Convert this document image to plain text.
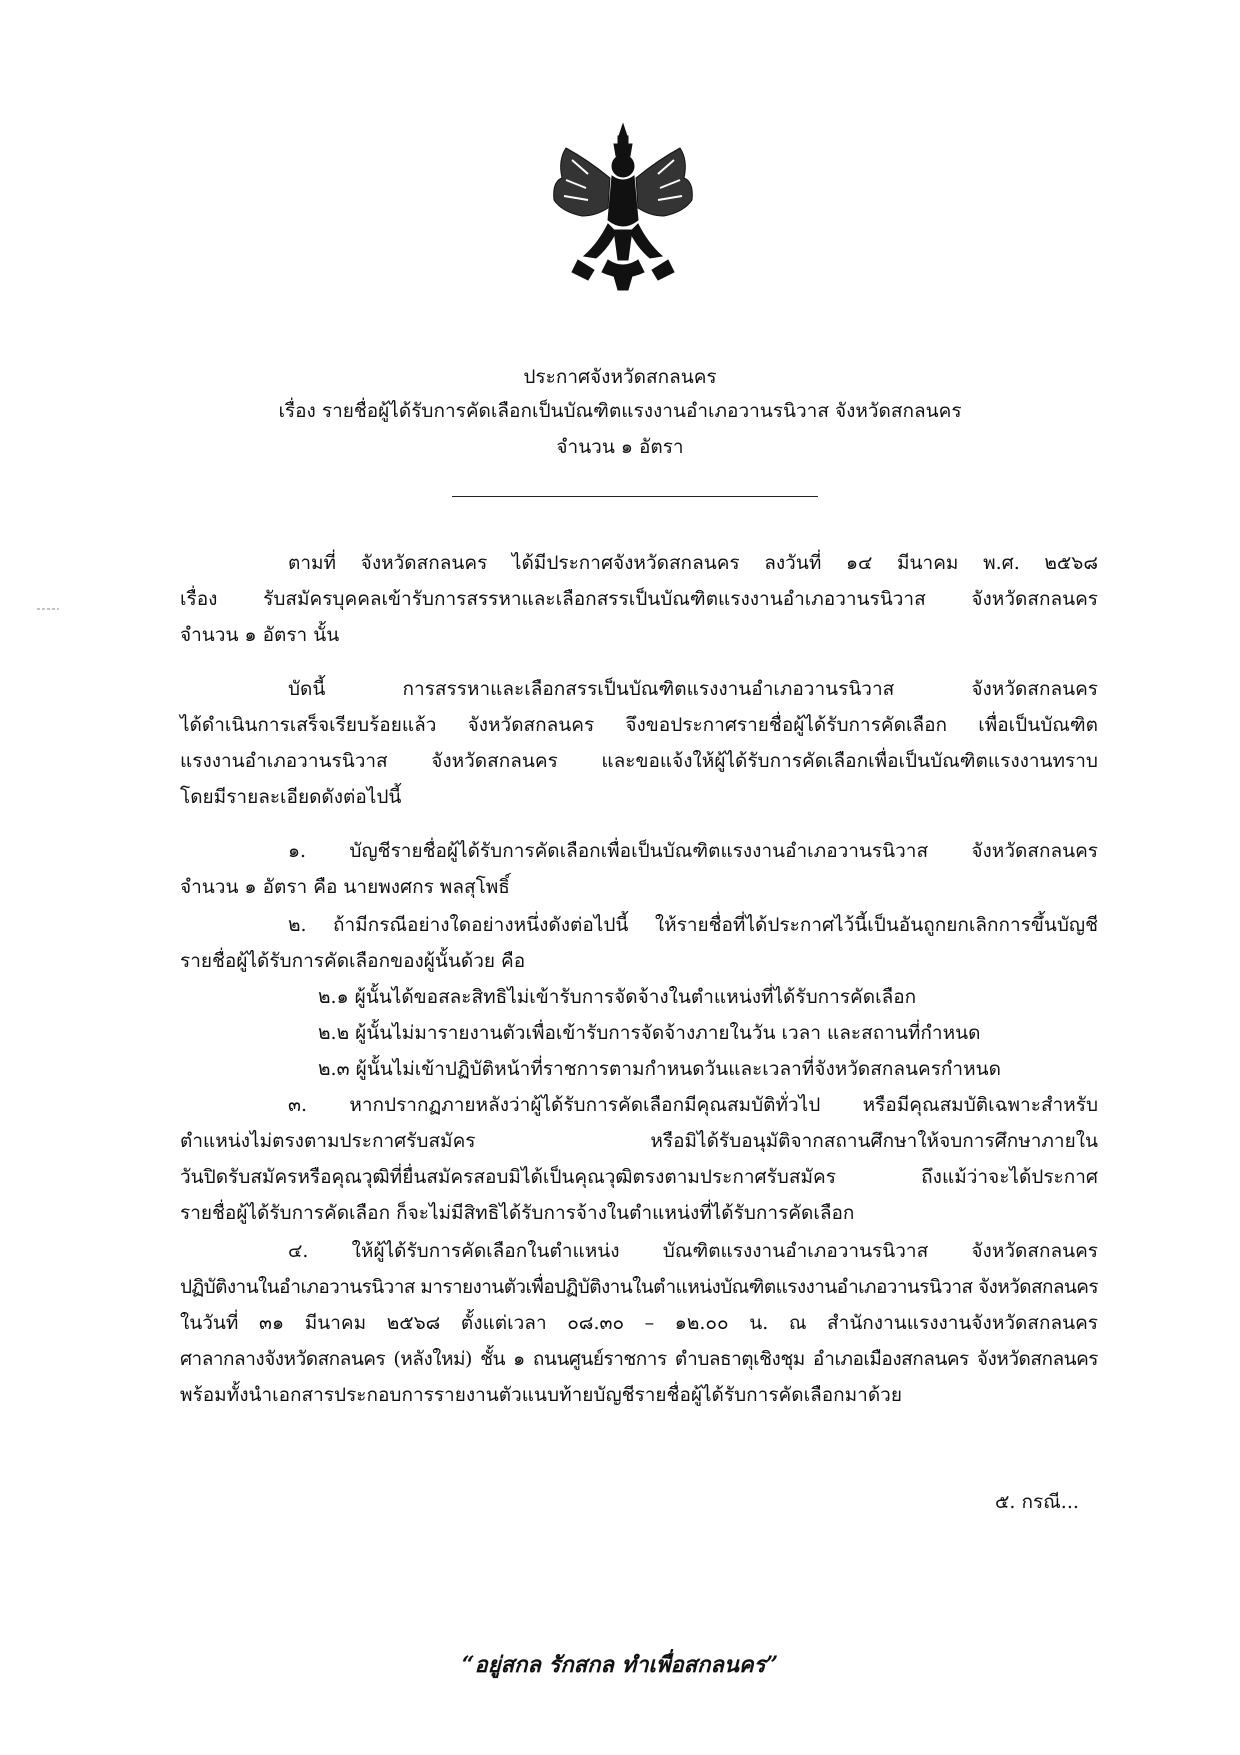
ประกาศจังหวัดสกลนคร
เรื่อง รายชื่อผู้ได้รับการคัดเลือกเป็นบัณฑิตแรงงานอำเภอวานรนิวาส จังหวัดสกลนคร
จำนวน ๑ อัตรา
ตามที่ จังหวัดสกลนคร ได้มีประกาศจังหวัดสกลนคร ลงวันที่ ๑๔ มีนาคม พ.ศ. ๒๕๖๘
เรื่อง รับสมัครบุคคลเข้ารับการสรรหาและเลือกสรรเป็นบัณฑิตแรงงานอำเภอวานรนิวาส จังหวัดสกลนคร
จำนวน ๑ อัตรา นั้น
บัดนี้ การสรรหาและเลือกสรรเป็นบัณฑิตแรงงานอำเภอวานรนิวาส จังหวัดสกลนคร
ได้ดำเนินการเสร็จเรียบร้อยแล้ว จังหวัดสกลนคร จึงขอประกาศรายชื่อผู้ได้รับการคัดเลือก เพื่อเป็นบัณฑิต
แรงงานอำเภอวานรนิวาส จังหวัดสกลนคร และขอแจ้งให้ผู้ได้รับการคัดเลือกเพื่อเป็นบัณฑิตแรงงานทราบ
โดยมีรายละเอียดดังต่อไปนี้
๑. บัญชีรายชื่อผู้ได้รับการคัดเลือกเพื่อเป็นบัณฑิตแรงงานอำเภอวานรนิวาส จังหวัดสกลนคร
จำนวน ๑ อัตรา คือ นายพงศกร พลสุโพธิ์
๒. ถ้ามีกรณีอย่างใดอย่างหนึ่งดังต่อไปนี้ ให้รายชื่อที่ได้ประกาศไว้นี้เป็นอันถูกยกเลิกการขึ้นบัญชี
รายชื่อผู้ได้รับการคัดเลือกของผู้นั้นด้วย คือ
๒.๑ ผู้นั้นได้ขอสละสิทธิไม่เข้ารับการจัดจ้างในตำแหน่งที่ได้รับการคัดเลือก
๒.๒ ผู้นั้นไม่มารายงานตัวเพื่อเข้ารับการจัดจ้างภายในวัน เวลา และสถานที่กำหนด
๒.๓ ผู้นั้นไม่เข้าปฏิบัติหน้าที่ราชการตามกำหนดวันและเวลาที่จังหวัดสกลนครกำหนด
๓. หากปรากฏภายหลังว่าผู้ได้รับการคัดเลือกมีคุณสมบัติทั่วไป หรือมีคุณสมบัติเฉพาะสำหรับ
ตำแหน่งไม่ตรงตามประกาศรับสมัคร หรือมิได้รับอนุมัติจากสถานศึกษาให้จบการศึกษาภายใน
วันปิดรับสมัครหรือคุณวุฒิที่ยื่นสมัครสอบมิได้เป็นคุณวุฒิตรงตามประกาศรับสมัคร ถึงแม้ว่าจะได้ประกาศ
รายชื่อผู้ได้รับการคัดเลือก ก็จะไม่มีสิทธิได้รับการจ้างในตำแหน่งที่ได้รับการคัดเลือก
๔. ให้ผู้ได้รับการคัดเลือกในตำแหน่ง บัณฑิตแรงงานอำเภอวานรนิวาส จังหวัดสกลนคร
ปฏิบัติงานในอำเภอวานรนิวาส มารายงานตัวเพื่อปฏิบัติงานในตำแหน่งบัณฑิตแรงงานอำเภอวานรนิวาส จังหวัดสกลนคร
ในวันที่ ๓๑ มีนาคม ๒๕๖๘ ตั้งแต่เวลา ๐๘.๓๐ – ๑๒.๐๐ น. ณ สำนักงานแรงงานจังหวัดสกลนคร
ศาลากลางจังหวัดสกลนคร (หลังใหม่) ชั้น ๑ ถนนศูนย์ราชการ ตำบลธาตุเชิงชุม อำเภอเมืองสกลนคร จังหวัดสกลนคร
พร้อมทั้งนำเอกสารประกอบการรายงานตัวแนบท้ายบัญชีรายชื่อผู้ได้รับการคัดเลือกมาด้วย
๕. กรณี...
“อยู่สกล รักสกล ทำเพื่อสกลนคร”
